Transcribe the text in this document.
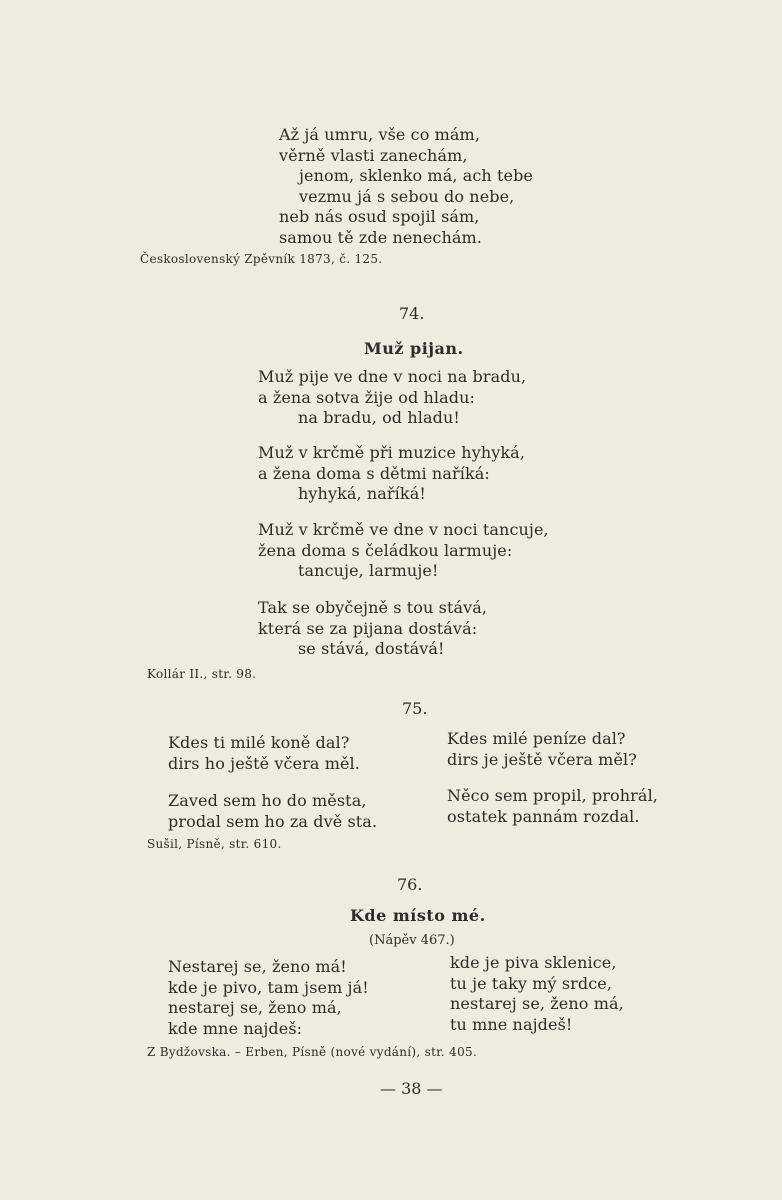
Až já umru, vše co mám,
věrně vlasti zanechám,
jenom, sklenko má, ach tebe
vezmu já s sebou do nebe,
neb nás osud spojil sám,
samou tě zde nenechám.
Československý Zpěvník 1873, č. 125.
74.
Muž pijan.
Muž pije ve dne v noci na bradu,
a žena sotva žije od hladu:
na bradu, od hladu!
Muž v krčmě při muzice hyhyká,
a žena doma s dětmi naříká:
hyhyká, naříká!
Muž v krčmě ve dne v noci tancuje,
žena doma s čeládkou larmuje:
tancuje, larmuje!
Tak se obyčejně s tou stává,
která se za pijana dostává:
se stává, dostává!
Kollár II., str. 98.
75.
Kdes ti milé koně dal?
dirs ho ještě včera měl.
Kdes milé peníze dal?
dirs je ještě včera měl?
Zaved sem ho do města,
prodal sem ho za dvě sta.
Něco sem propil, prohrál,
ostatek pannám rozdal.
Sušil, Písně, str. 610.
76.
Kde místo mé.
(Nápěv 467.)
Nestarej se, ženo má!
kde je pivo, tam jsem já!
nestarej se, ženo má,
kde mne najdeš:
kde je piva sklenice,
tu je taky mý srdce,
nestarej se, ženo má,
tu mne najdeš!
Z Bydžovska. – Erben, Písně (nové vydání), str. 405.
— 38 —
